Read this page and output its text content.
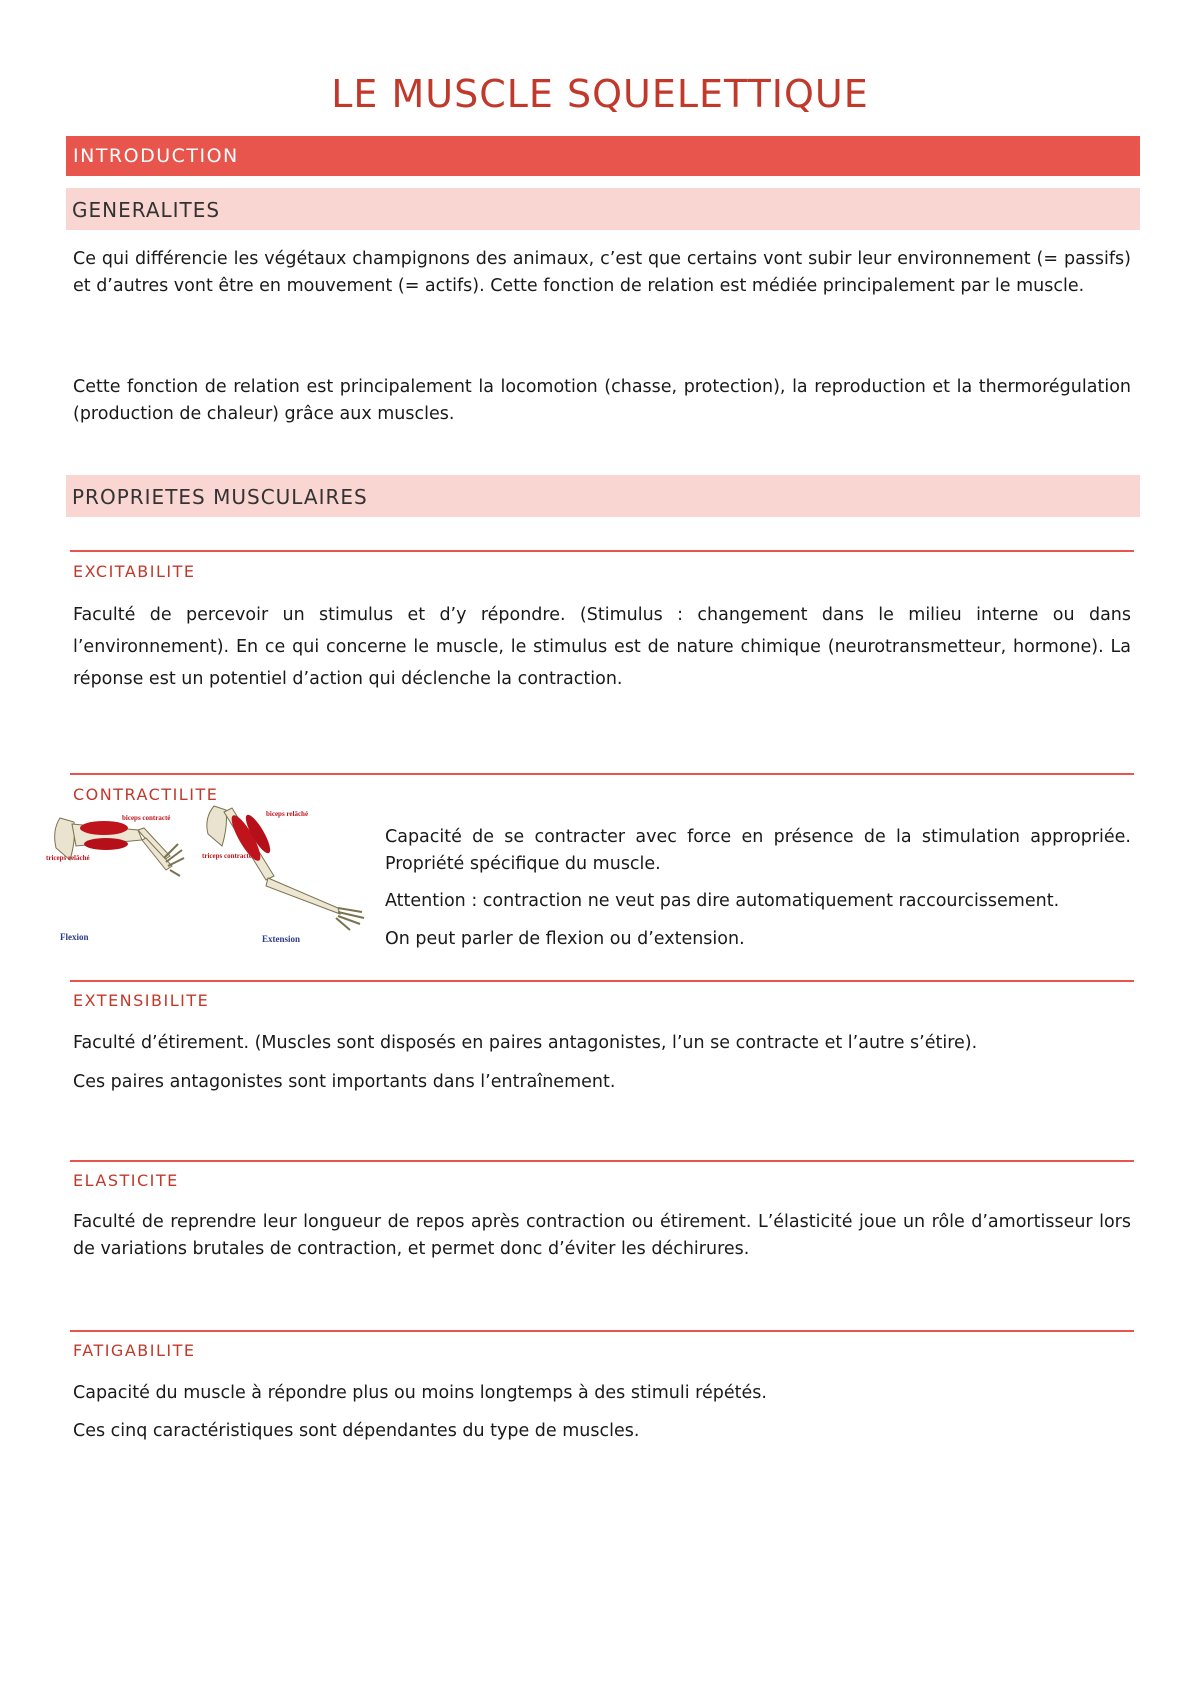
LE MUSCLE SQUELETTIQUE
INTRODUCTION
GENERALITES
Ce qui différencie les végétaux champignons des animaux, c’est que certains vont subir leur environnement (= passifs) et d’autres vont être en mouvement (= actifs). Cette fonction de relation est médiée principalement par le muscle.
Cette fonction de relation est principalement la locomotion (chasse, protection), la reproduction et la thermorégulation (production de chaleur) grâce aux muscles.
PROPRIETES MUSCULAIRES
EXCITABILITE
Faculté de percevoir un stimulus et d’y répondre. (Stimulus : changement dans le milieu interne ou dans l’environnement). En ce qui concerne le muscle, le stimulus est de nature chimique (neurotransmetteur, hormone). La réponse est un potentiel d’action qui déclenche la contraction.
CONTRACTILITE
biceps contracté
triceps relâché
Flexion
biceps relâché
triceps contracté
Extension
Capacité de se contracter avec force en présence de la stimulation appropriée. Propriété spécifique du muscle.
Attention : contraction ne veut pas dire automatiquement raccourcissement.
On peut parler de flexion ou d’extension.
EXTENSIBILITE
Faculté d’étirement. (Muscles sont disposés en paires antagonistes, l’un se contracte et l’autre s’étire).
Ces paires antagonistes sont importants dans l’entraînement.
ELASTICITE
Faculté de reprendre leur longueur de repos après contraction ou étirement. L’élasticité joue un rôle d’amortisseur lors de variations brutales de contraction, et permet donc d’éviter les déchirures.
FATIGABILITE
Capacité du muscle à répondre plus ou moins longtemps à des stimuli répétés.
Ces cinq caractéristiques sont dépendantes du type de muscles.
